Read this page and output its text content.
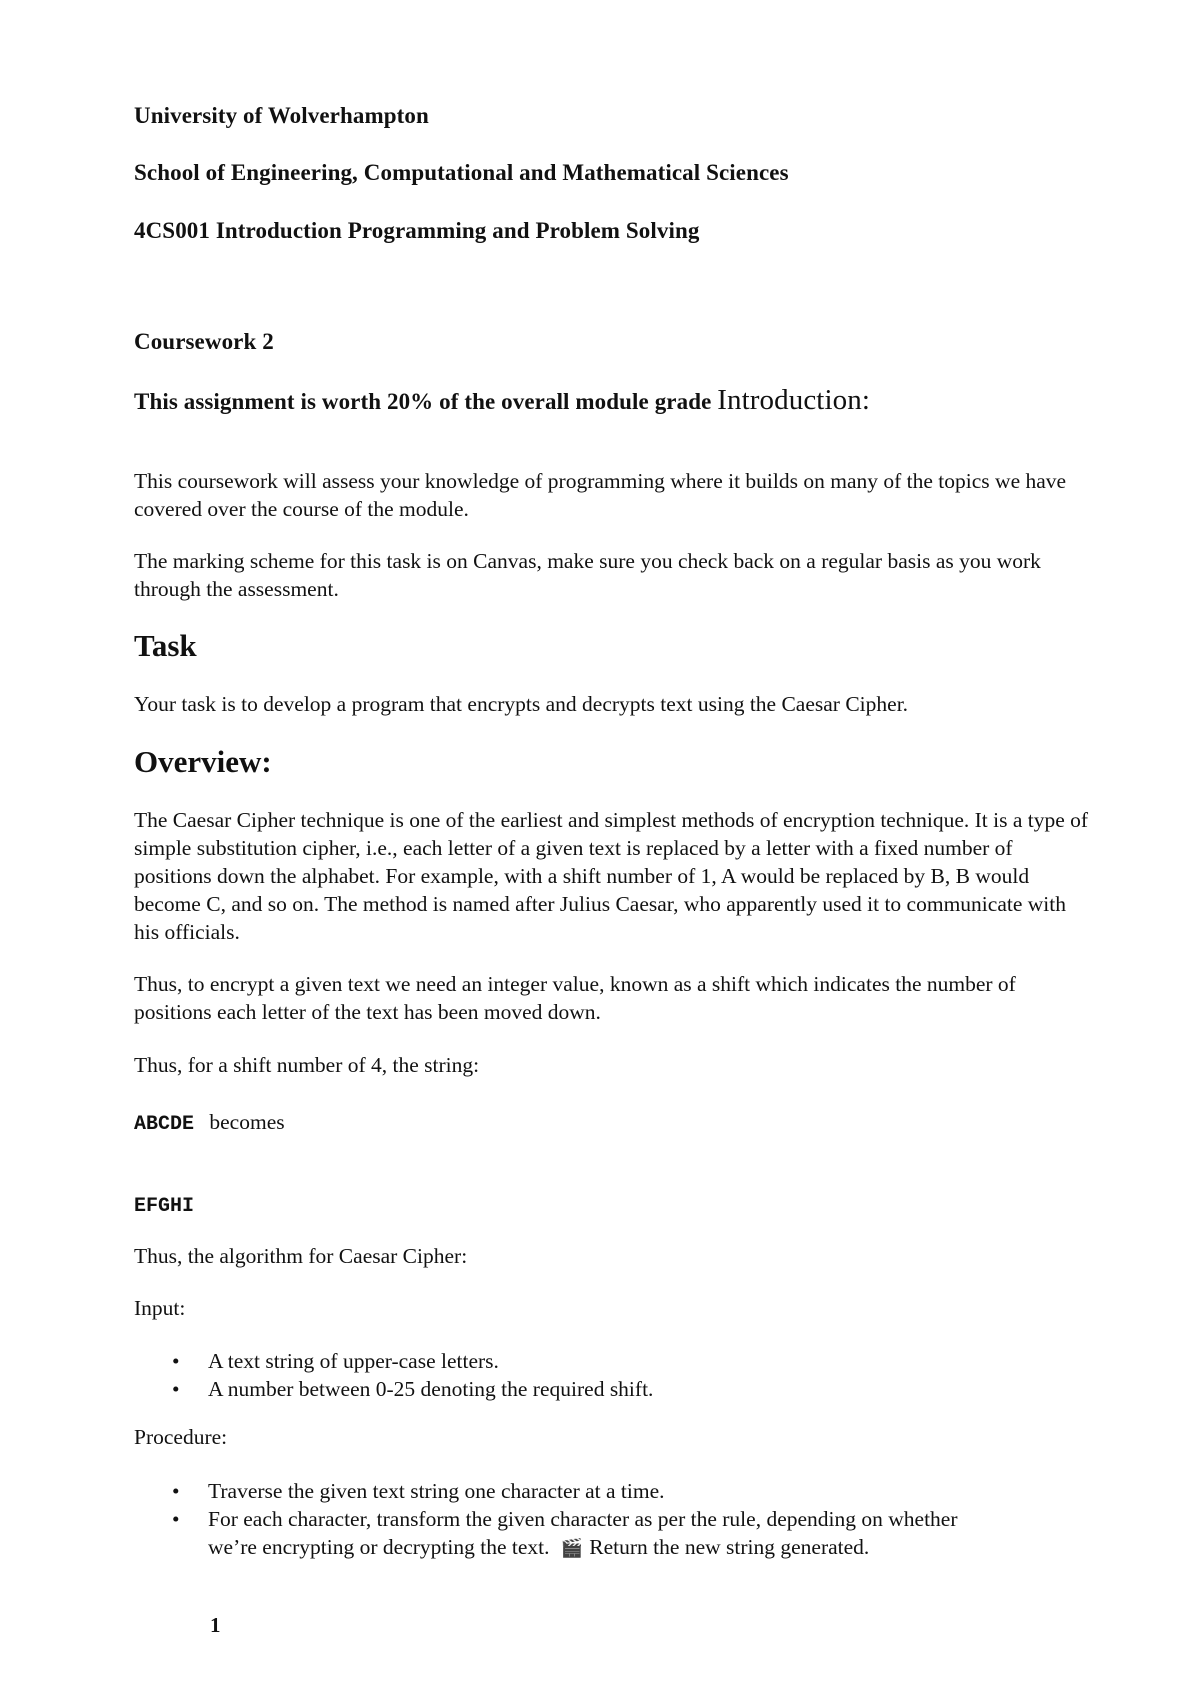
University of Wolverhampton

School of Engineering, Computational and Mathematical Sciences

4CS001 Introduction Programming and Problem Solving

Coursework 2

This assignment is worth 20% of the overall module grade Introduction:

This coursework will assess your knowledge of programming where it builds on many of the topics we have covered over the course of the module.

The marking scheme for this task is on Canvas, make sure you check back on a regular basis as you work through the assessment.

Task

Your task is to develop a program that encrypts and decrypts text using the Caesar Cipher.

Overview:

The Caesar Cipher technique is one of the earliest and simplest methods of encryption technique. It is a type of simple substitution cipher, i.e., each letter of a given text is replaced by a letter with a fixed number of positions down the alphabet. For example, with a shift number of 1, A would be replaced by B, B would become C, and so on. The method is named after Julius Caesar, who apparently used it to communicate with his officials.

Thus, to encrypt a given text we need an integer value, known as a shift which indicates the number of positions each letter of the text has been moved down.

Thus, for a shift number of 4, the string:

ABCDE becomes

EFGHI

Thus, the algorithm for Caesar Cipher:

Input:

• A text string of upper-case letters.
• A number between 0-25 denoting the required shift.

Procedure:

• Traverse the given text string one character at a time.
• For each character, transform the given character as per the rule, depending on whether we’re encrypting or decrypting the text. 🎬 Return the new string generated.
1
